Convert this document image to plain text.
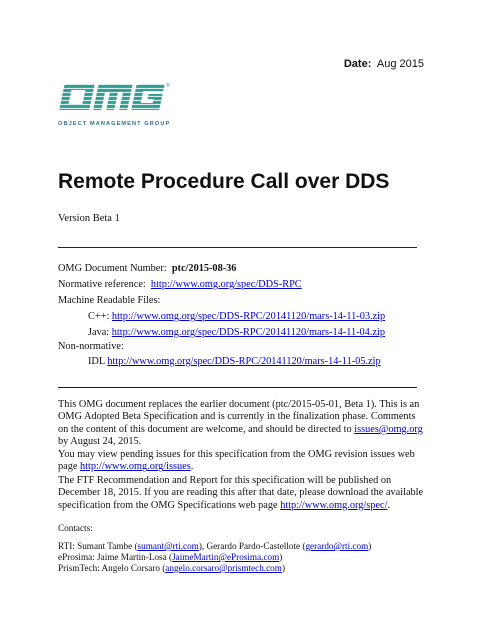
Date: Aug 2015
®
OBJECT MANAGEMENT GROUP
Remote Procedure Call over DDS
Version Beta 1
OMG Document Number: ptc/2015-08-36
Normative reference: http://www.omg.org/spec/DDS-RPC
Machine Readable Files:
C++: http://www.omg.org/spec/DDS-RPC/20141120/mars-14-11-03.zip
Java: http://www.omg.org/spec/DDS-RPC/20141120/mars-14-11-04.zip
Non-normative:
IDL http://www.omg.org/spec/DDS-RPC/20141120/mars-14-11-05.zip
This OMG document replaces the earlier document (ptc/2015-05-01, Beta 1). This is an OMG Adopted Beta Specification and is currently in the finalization phase. Comments on the content of this document are welcome, and should be directed to issues@omg.org by August 24, 2015.
You may view pending issues for this specification from the OMG revision issues web page http://www.omg.org/issues.
The FTF Recommendation and Report for this specification will be published on December 18, 2015. If you are reading this after that date, please download the available specification from the OMG Specifications web page http://www.omg.org/spec/.
Contacts:
RTI: Sumant Tambe (sumant@rti.com), Gerardo Pardo-Castellote (gerardo@rti.com)
eProsima: Jaime Martin-Losa (JaimeMartin@eProsima.com)
PrismTech: Angelo Corsaro (angelo.corsaro@prismtech.com)
